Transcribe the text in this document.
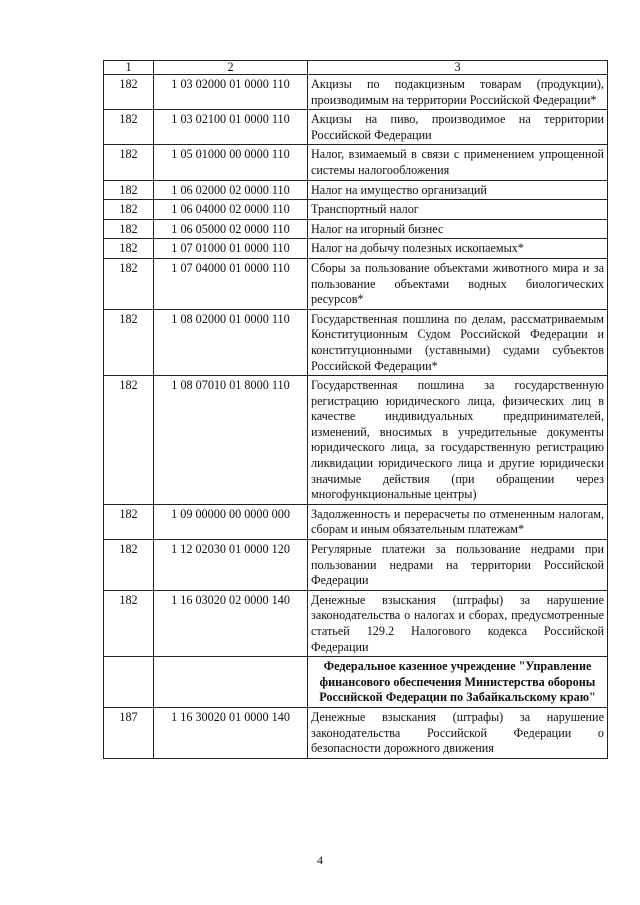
1	2	3
182	1 03 02000 01 0000 110	Акцизы по подакцизным товарам (продукции), производимым на территории Российской Федерации*
182	1 03 02100 01 0000 110	Акцизы на пиво, производимое на территории Российской Федерации
182	1 05 01000 00 0000 110	Налог, взимаемый в связи с применением упрощенной системы налогообложения
182	1 06 02000 02 0000 110	Налог на имущество организаций
182	1 06 04000 02 0000 110	Транспортный налог
182	1 06 05000 02 0000 110	Налог на игорный бизнес
182	1 07 01000 01 0000 110	Налог на добычу полезных ископаемых*
182	1 07 04000 01 0000 110	Сборы за пользование объектами животного мира и за пользование объектами водных биологических ресурсов*
182	1 08 02000 01 0000 110	Государственная пошлина по делам, рассматриваемым Конституционным Судом Российской Федерации и конституционными (уставными) судами субъектов Российской Федерации*
182	1 08 07010 01 8000 110	Государственная пошлина за государственную регистрацию юридического лица, физических лиц в качестве индивидуальных предпринимателей, изменений, вносимых в учредительные документы юридического лица, за государственную регистрацию ликвидации юридического лица и другие юридически значимые действия (при обращении через многофункциональные центры)
182	1 09 00000 00 0000 000	Задолженность и перерасчеты по отмененным налогам, сборам и иным обязательным платежам*
182	1 12 02030 01 0000 120	Регулярные платежи за пользование недрами при пользовании недрами на территории Российской Федерации
182	1 16 03020 02 0000 140	Денежные взыскания (штрафы) за нарушение законодательства о налогах и сборах, предусмотренные статьей 129.2 Налогового кодекса Российской Федерации
		Федеральное казенное учреждение "Управление финансового обеспечения Министерства обороны Российской Федерации по Забайкальскому краю"
187	1 16 30020 01 0000 140	Денежные взыскания (штрафы) за нарушение законодательства Российской Федерации о безопасности дорожного движения
4
